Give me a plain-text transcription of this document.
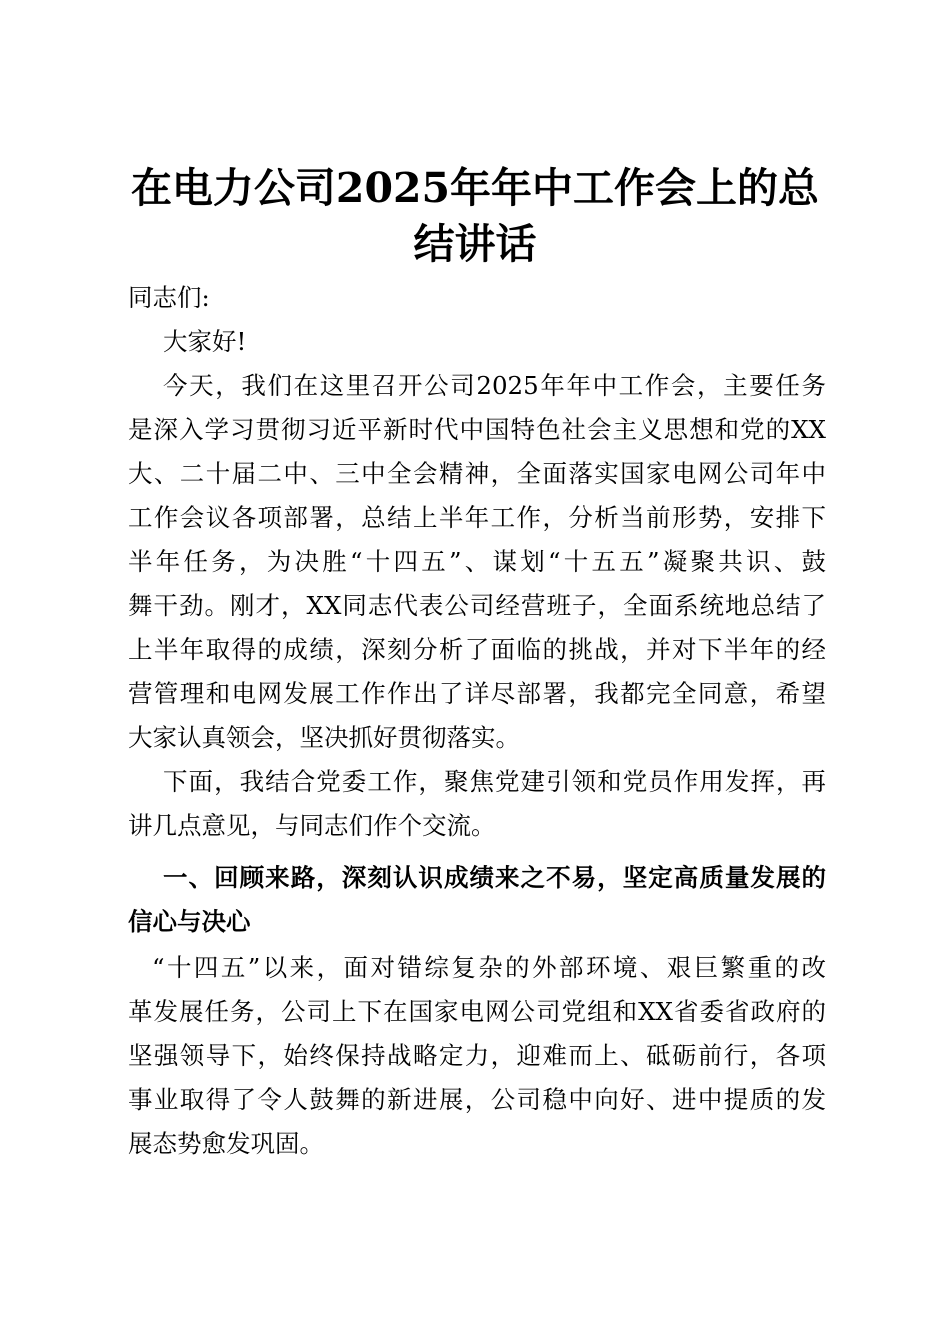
在电力公司2025年年中工作会上的总
结讲话
同志们:
大家好!
今天，我们在这里召开公司2025年年中工作会，主要任务
是深入学习贯彻习近平新时代中国特色社会主义思想和党的XX
大、二十届二中、三中全会精神，全面落实国家电网公司年中
工作会议各项部署，总结上半年工作，分析当前形势，安排下
半年任务，为决胜“十四五”、谋划“十五五”凝聚共识、鼓
舞干劲。刚才，XX同志代表公司经营班子，全面系统地总结了
上半年取得的成绩，深刻分析了面临的挑战，并对下半年的经
营管理和电网发展工作作出了详尽部署，我都完全同意，希望
大家认真领会，坚决抓好贯彻落实。
下面，我结合党委工作，聚焦党建引领和党员作用发挥，再
讲几点意见，与同志们作个交流。
一、回顾来路，深刻认识成绩来之不易，坚定高质量发展的
信心与决心
“十四五”以来，面对错综复杂的外部环境、艰巨繁重的改
革发展任务，公司上下在国家电网公司党组和XX省委省政府的
坚强领导下，始终保持战略定力，迎难而上、砥砺前行，各项
事业取得了令人鼓舞的新进展，公司稳中向好、进中提质的发
展态势愈发巩固。
